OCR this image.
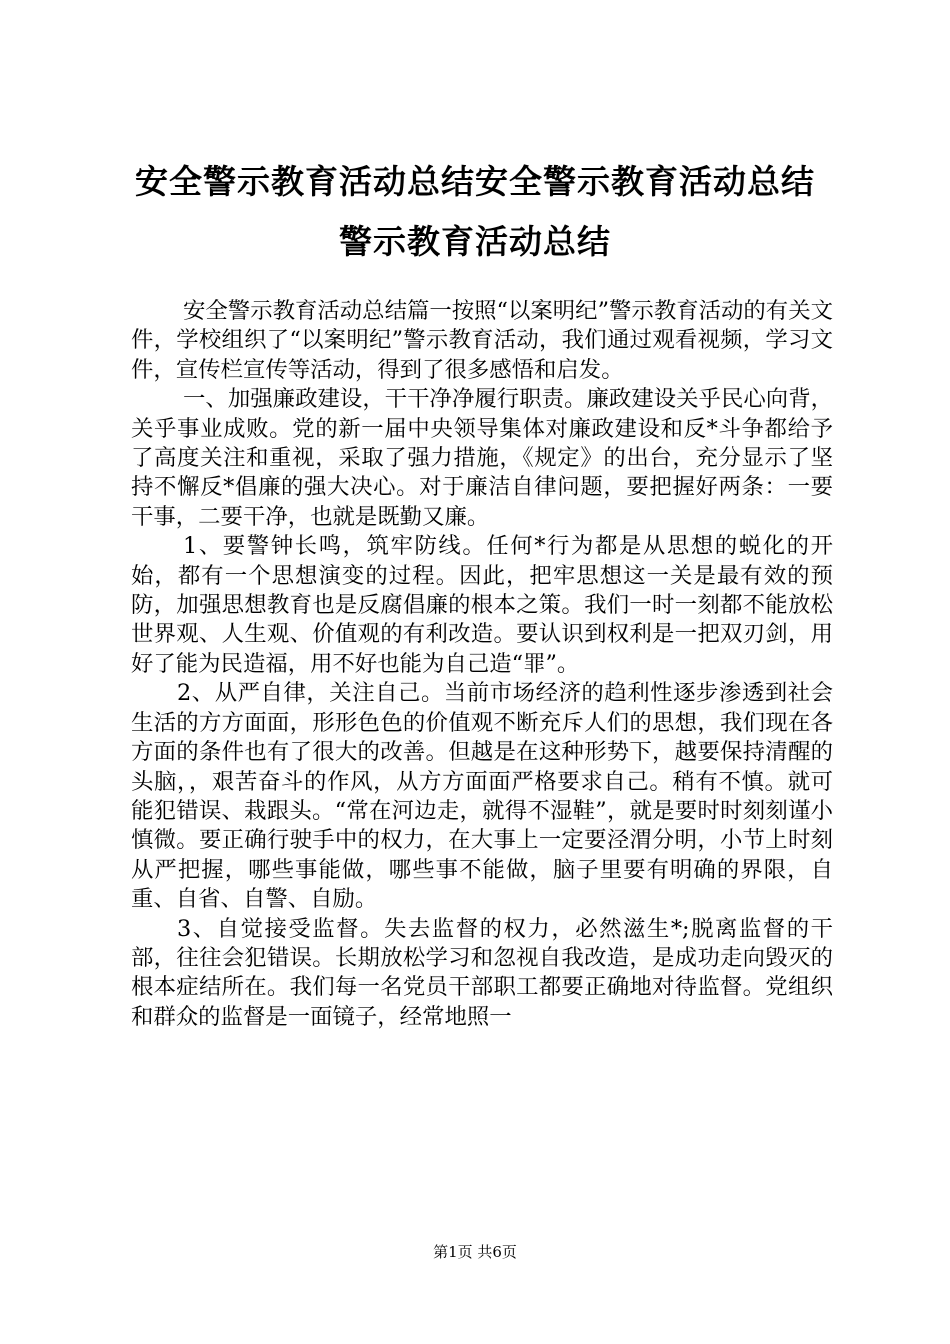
安全警示教育活动总结安全警示教育活动总结
警示教育活动总结

安全警示教育活动总结篇一按照“以案明纪”警示教育活动的有关文件，学校组织了“以案明纪”警示教育活动，我们通过观看视频，学习文件，宣传栏宣传等活动，得到了很多感悟和启发。

一、加强廉政建设，干干净净履行职责。廉政建设关乎民心向背，关乎事业成败。党的新一届中央领导集体对廉政建设和反*斗争都给予了高度关注和重视，采取了强力措施，《规定》的出台，充分显示了坚持不懈反*倡廉的强大决心。对于廉洁自律问题，要把握好两条：一要干事，二要干净，也就是既勤又廉。

1、要警钟长鸣，筑牢防线。任何*行为都是从思想的蜕化的开始，都有一个思想演变的过程。因此，把牢思想这一关是最有效的预防，加强思想教育也是反腐倡廉的根本之策。我们一时一刻都不能放松世界观、人生观、价值观的有利改造。要认识到权利是一把双刃剑，用好了能为民造福，用不好也能为自己造“罪”。

2、从严自律，关注自己。当前市场经济的趋利性逐步渗透到社会生活的方方面面，形形色色的价值观不断充斥人们的思想，我们现在各方面的条件也有了很大的改善。但越是在这种形势下，越要保持清醒的头脑，，艰苦奋斗的作风，从方方面面严格要求自己。稍有不慎。就可能犯错误、栽跟头。“常在河边走，就得不湿鞋”，就是要时时刻刻谨小慎微。要正确行驶手中的权力，在大事上一定要泾渭分明，小节上时刻从严把握，哪些事能做，哪些事不能做，脑子里要有明确的界限，自重、自省、自警、自励。

3、自觉接受监督。失去监督的权力，必然滋生*;脱离监督的干部，往往会犯错误。长期放松学习和忽视自我改造，是成功走向毁灭的根本症结所在。我们每一名党员干部职工都要正确地对待监督。党组织和群众的监督是一面镜子，经常地照一

第1页 共6页
